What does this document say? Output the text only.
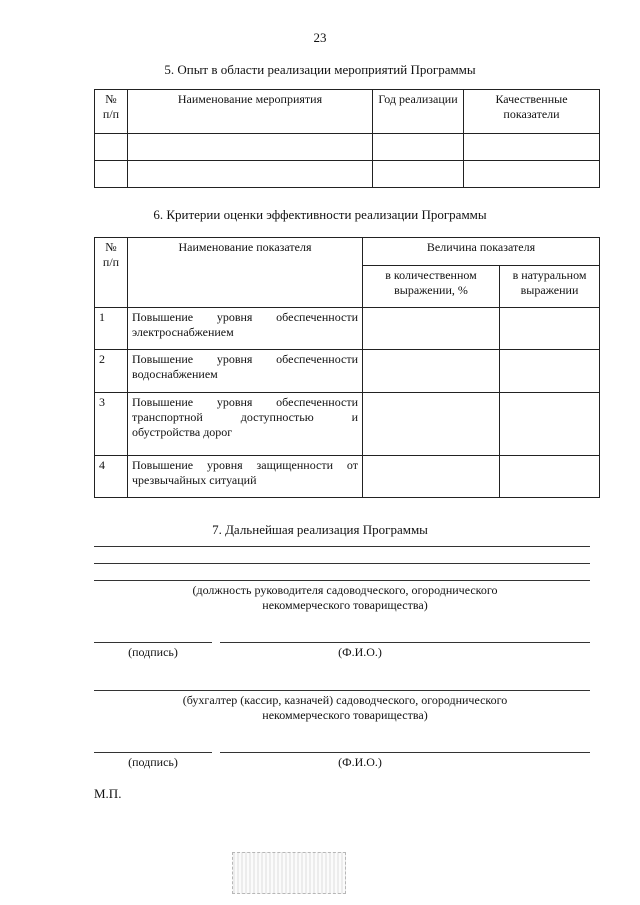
23
5. Опыт в области реализации мероприятий Программы
№ п/п	Наименование мероприятия	Год реализации	Качественные показатели

6. Критерии оценки эффективности реализации Программы
№ п/п	Наименование показателя	Величина показателя	
		в количественном выражении, %	в натуральном выражении
1	Повышение уровня обеспеченности электроснабжением		
2	Повышение уровня обеспеченности водоснабжением		
3	Повышение уровня обеспеченности транспортной доступностью и обустройства дорог		
4	Повышение уровня защищенности от чрезвычайных ситуаций		
7. Дальнейшая реализация Программы
(должность руководителя садоводческого, огороднического некоммерческого товарищества)
(подпись)	(Ф.И.О.)
(бухгалтер (кассир, казначей) садоводческого, огороднического некоммерческого товарищества)
(подпись)	(Ф.И.О.)
М.П.
